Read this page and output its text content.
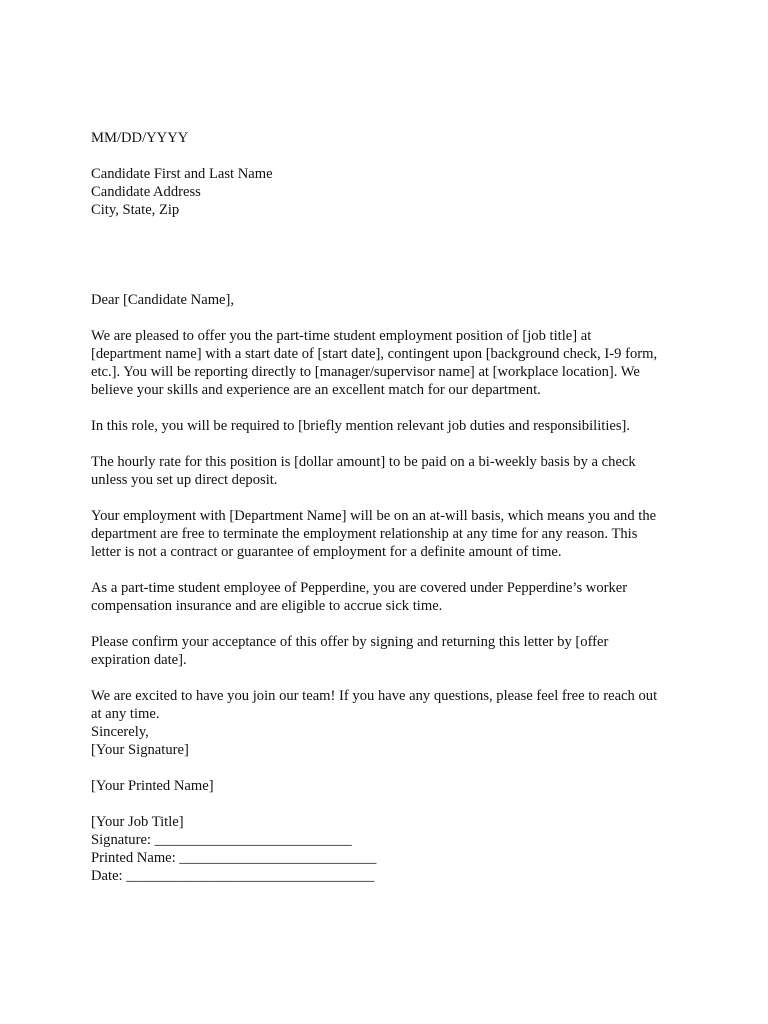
MM/DD/YYYY
Candidate First and Last Name
Candidate Address
City, State, Zip
Dear [Candidate Name],
We are pleased to offer you the part-time student employment position of [job title] at
[department name] with a start date of [start date], contingent upon [background check, I-9 form,
etc.]. You will be reporting directly to [manager/supervisor name] at [workplace location]. We
believe your skills and experience are an excellent match for our department.
In this role, you will be required to [briefly mention relevant job duties and responsibilities].
The hourly rate for this position is [dollar amount] to be paid on a bi-weekly basis by a check
unless you set up direct deposit.
Your employment with [Department Name] will be on an at-will basis, which means you and the
department are free to terminate the employment relationship at any time for any reason. This
letter is not a contract or guarantee of employment for a definite amount of time.
As a part-time student employee of Pepperdine, you are covered under Pepperdine’s worker
compensation insurance and are eligible to accrue sick time.
Please confirm your acceptance of this offer by signing and returning this letter by [offer
expiration date].
We are excited to have you join our team! If you have any questions, please feel free to reach out
at any time.
Sincerely,
[Your Signature]
[Your Printed Name]
[Your Job Title]
Signature: ___________________________
Printed Name: ___________________________
Date: __________________________________
